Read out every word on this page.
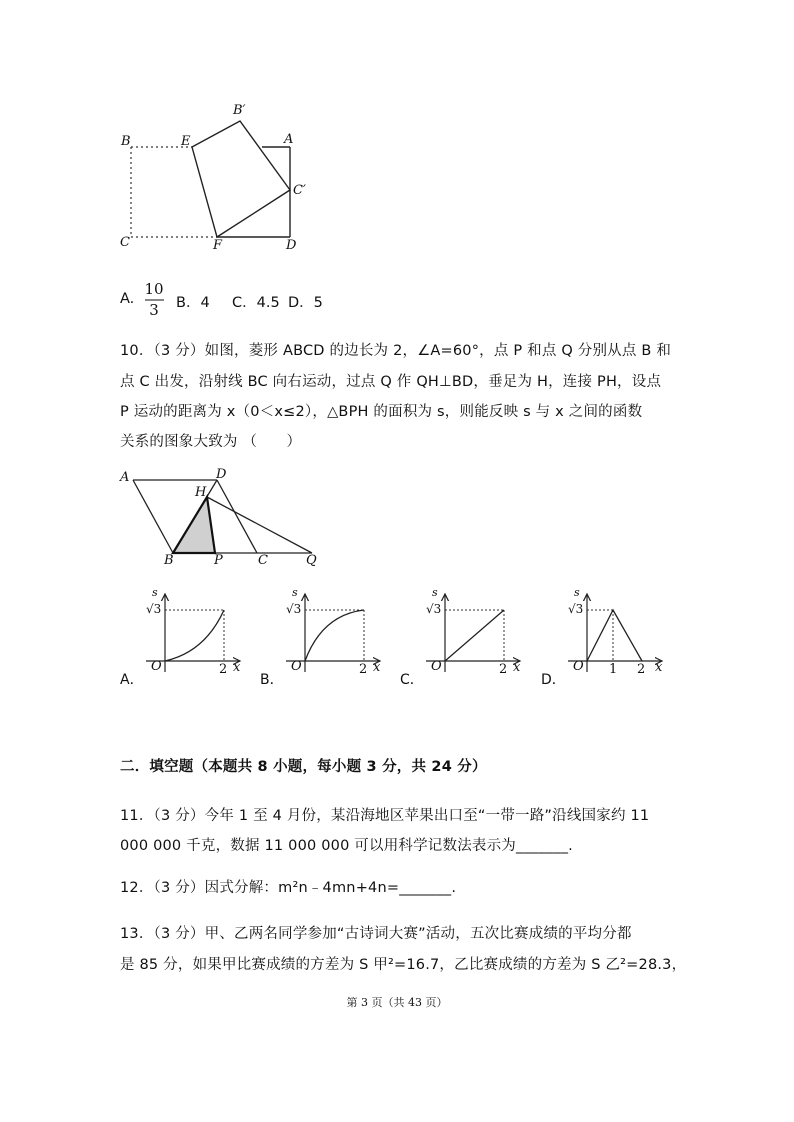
B′
B	E	A
C′
C	F	D
A.
10
3	B．4 C．4.5 D．5
10．（3 分）如图，菱形 ABCD 的边长为 2，∠A=60°，点 P 和点 Q 分别从点 B 和
点 C 出发，沿射线 BC 向右运动，过点 Q 作 QH⊥BD，垂足为 H，连接 PH，设点
P 运动的距离为 x（0＜x≤2），△BPH 的面积为 s，则能反映 s 与 x 之间的函数
关系的图象大致为 （　　）
A	D
H
B	P	C	Q
s
√3
O	2 x
A．
s
√3
O	2 x
B．
s
√3
O	2 x
C．
s
√3
O 1 2 x
D．
二．填空题（本题共 8 小题，每小题 3 分，共 24 分）
11．（3 分）今年 1 至 4 月份，某沿海地区苹果出口至“一带一路”沿线国家约 11
000 000 千克，数据 11 000 000 可以用科学记数法表示为_______.
12．（3 分）因式分解：m²n﹣4mn+4n=_______.
13．（3 分）甲、乙两名同学参加“古诗词大赛”活动，五次比赛成绩的平均分都
是 85 分，如果甲比赛成绩的方差为 S 甲²=16.7，乙比赛成绩的方差为 S 乙²=28.3，
第 3 页（共 43 页）
